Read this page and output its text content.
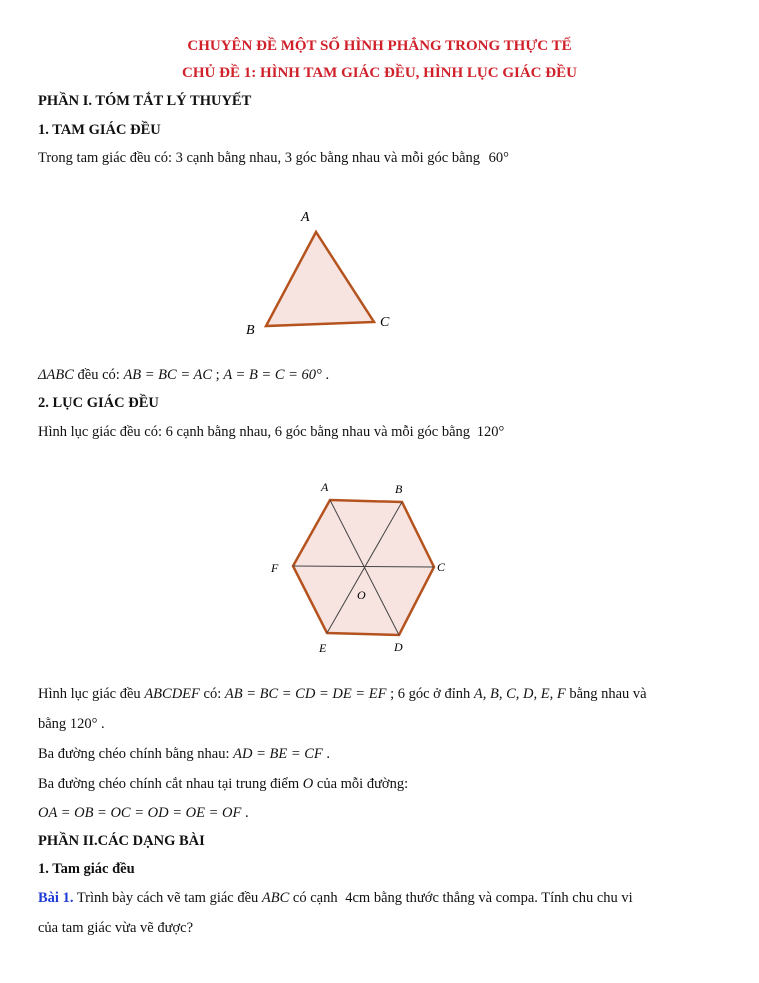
CHUYÊN ĐỀ MỘT SỐ HÌNH PHẲNG TRONG THỰC TẾ
CHỦ ĐỀ 1: HÌNH TAM GIÁC ĐỀU, HÌNH LỤC GIÁC ĐỀU
PHẦN I. TÓM TẮT LÝ THUYẾT
1. TAM GIÁC ĐỀU
Trong tam giác đều có: 3 cạnh bằng nhau, 3 góc bằng nhau và mỗi góc bằng 60°
A
B
C
ΔABC đều có: AB = BC = AC ; A = B = C = 60° .
2. LỤC GIÁC ĐỀU
Hình lục giác đều có: 6 cạnh bằng nhau, 6 góc bằng nhau và mỗi góc bằng 120°
A	B
C
D
E
F
O
Hình lục giác đều ABCDEF có: AB = BC = CD = DE = EF ; 6 góc ở đỉnh A, B, C, D, E, F bằng nhau và
bằng 120° .
Ba đường chéo chính bằng nhau: AD = BE = CF .
Ba đường chéo chính cắt nhau tại trung điểm O của mỗi đường:
OA = OB = OC = OD = OE = OF .
PHẦN II.CÁC DẠNG BÀI
1. Tam giác đều
Bài 1. Trình bày cách vẽ tam giác đều ABC có cạnh 4cm bằng thước thẳng và compa. Tính chu chu vi
của tam giác vừa vẽ được?
